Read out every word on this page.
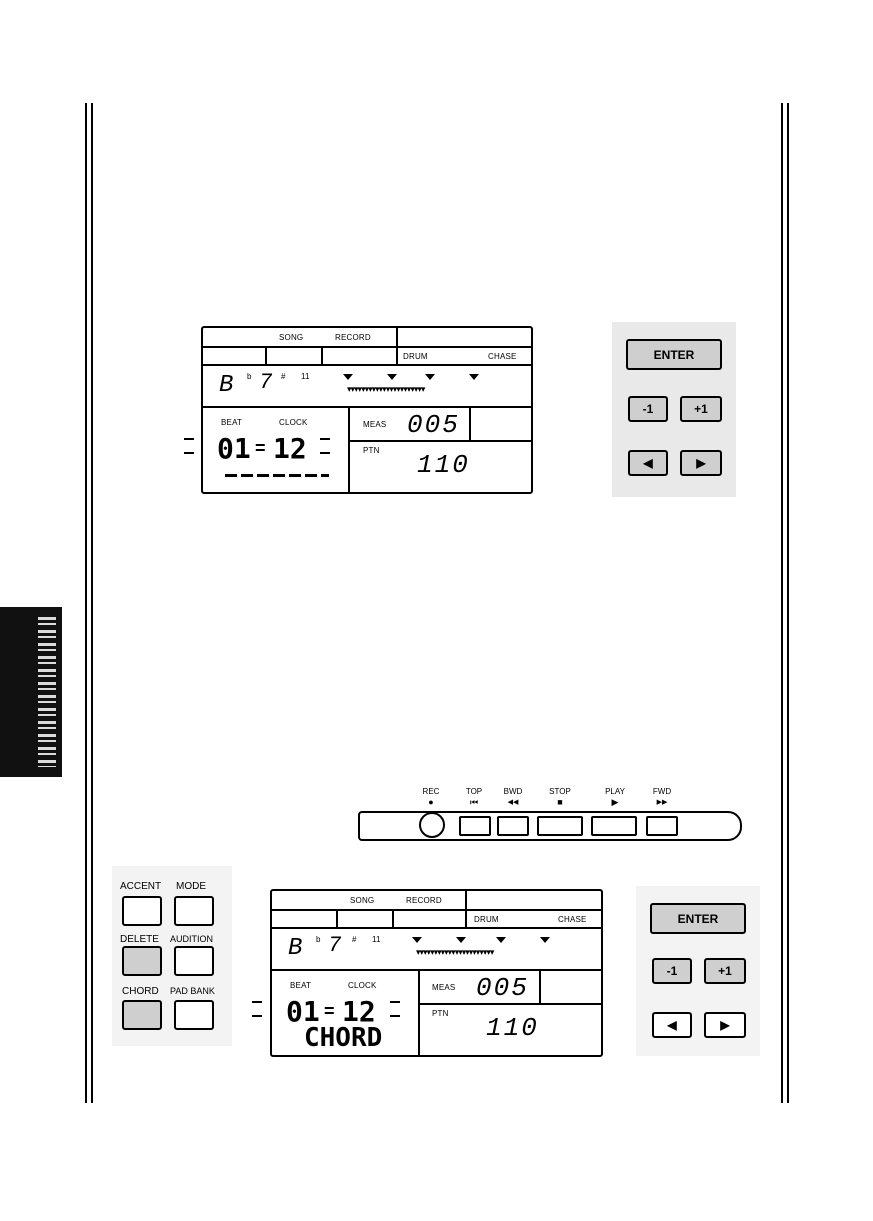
SONG	RECORD
DRUM	CHASE
B b 7 # 11
▾▾▾▾▾▾▾▾▾▾▾▾▾▾▾▾▾▾▾▾▾▾
BEAT	CLOCK
01 = 12
MEAS 005
PTN 110
ENTER
-1	+1
◀	▶
REC
●
TOP
⏮
BWD
◀◀
STOP
■
PLAY
▶
FWD
▶▶
ACCENT MODE
DELETE AUDITION
CHORD PAD BANK
SONG	RECORD
DRUM	CHASE
B b 7 # 11
▾▾▾▾▾▾▾▾▾▾▾▾▾▾▾▾▾▾▾▾▾▾
BEAT	CLOCK
01 = 12
CHORD
MEAS 005
PTN 110
ENTER
-1	+1
◀	▶
